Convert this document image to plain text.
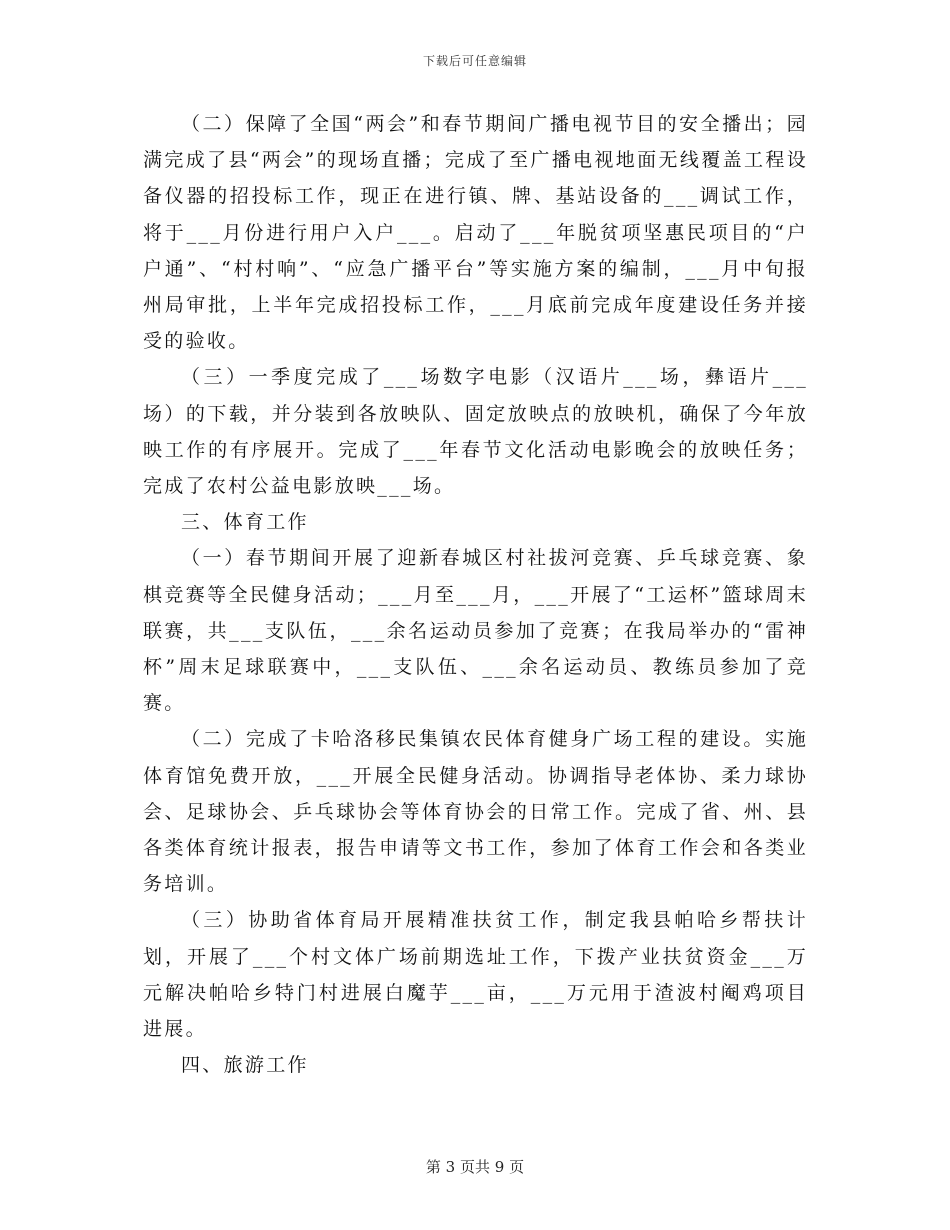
下载后可任意编辑

（二）保障了全国“两会”和春节期间广播电视节目的安全播出；园满完成了县“两会”的现场直播；完成了至广播电视地面无线覆盖工程设备仪器的招投标工作，现正在进行镇、牌、基站设备的___调试工作，将于___月份进行用户入户___。启动了___年脱贫项坚惠民项目的“户户通”、“村村响”、“应急广播平台”等实施方案的编制，___月中旬报州局审批，上半年完成招投标工作，___月底前完成年度建设任务并接受的验收。

（三）一季度完成了___场数字电影（汉语片___场，彝语片___场）的下载，并分装到各放映队、固定放映点的放映机，确保了今年放映工作的有序展开。完成了___年春节文化活动电影晚会的放映任务；完成了农村公益电影放映___场。

三、体育工作

（一）春节期间开展了迎新春城区村社拔河竞赛、乒乓球竞赛、象棋竞赛等全民健身活动；___月至___月，___开展了“工运杯”篮球周末联赛，共___支队伍，___余名运动员参加了竞赛；在我局举办的“雷神杯”周末足球联赛中，___支队伍、___余名运动员、教练员参加了竞赛。

（二）完成了卡哈洛移民集镇农民体育健身广场工程的建设。实施体育馆免费开放，___开展全民健身活动。协调指导老体协、柔力球协会、足球协会、乒乓球协会等体育协会的日常工作。完成了省、州、县各类体育统计报表，报告申请等文书工作，参加了体育工作会和各类业务培训。

（三）协助省体育局开展精准扶贫工作，制定我县帕哈乡帮扶计划，开展了___个村文体广场前期选址工作，下拨产业扶贫资金___万元解决帕哈乡特门村进展白魔芋___亩，___万元用于渣波村阉鸡项目进展。

四、旅游工作

第 3 页共 9 页
